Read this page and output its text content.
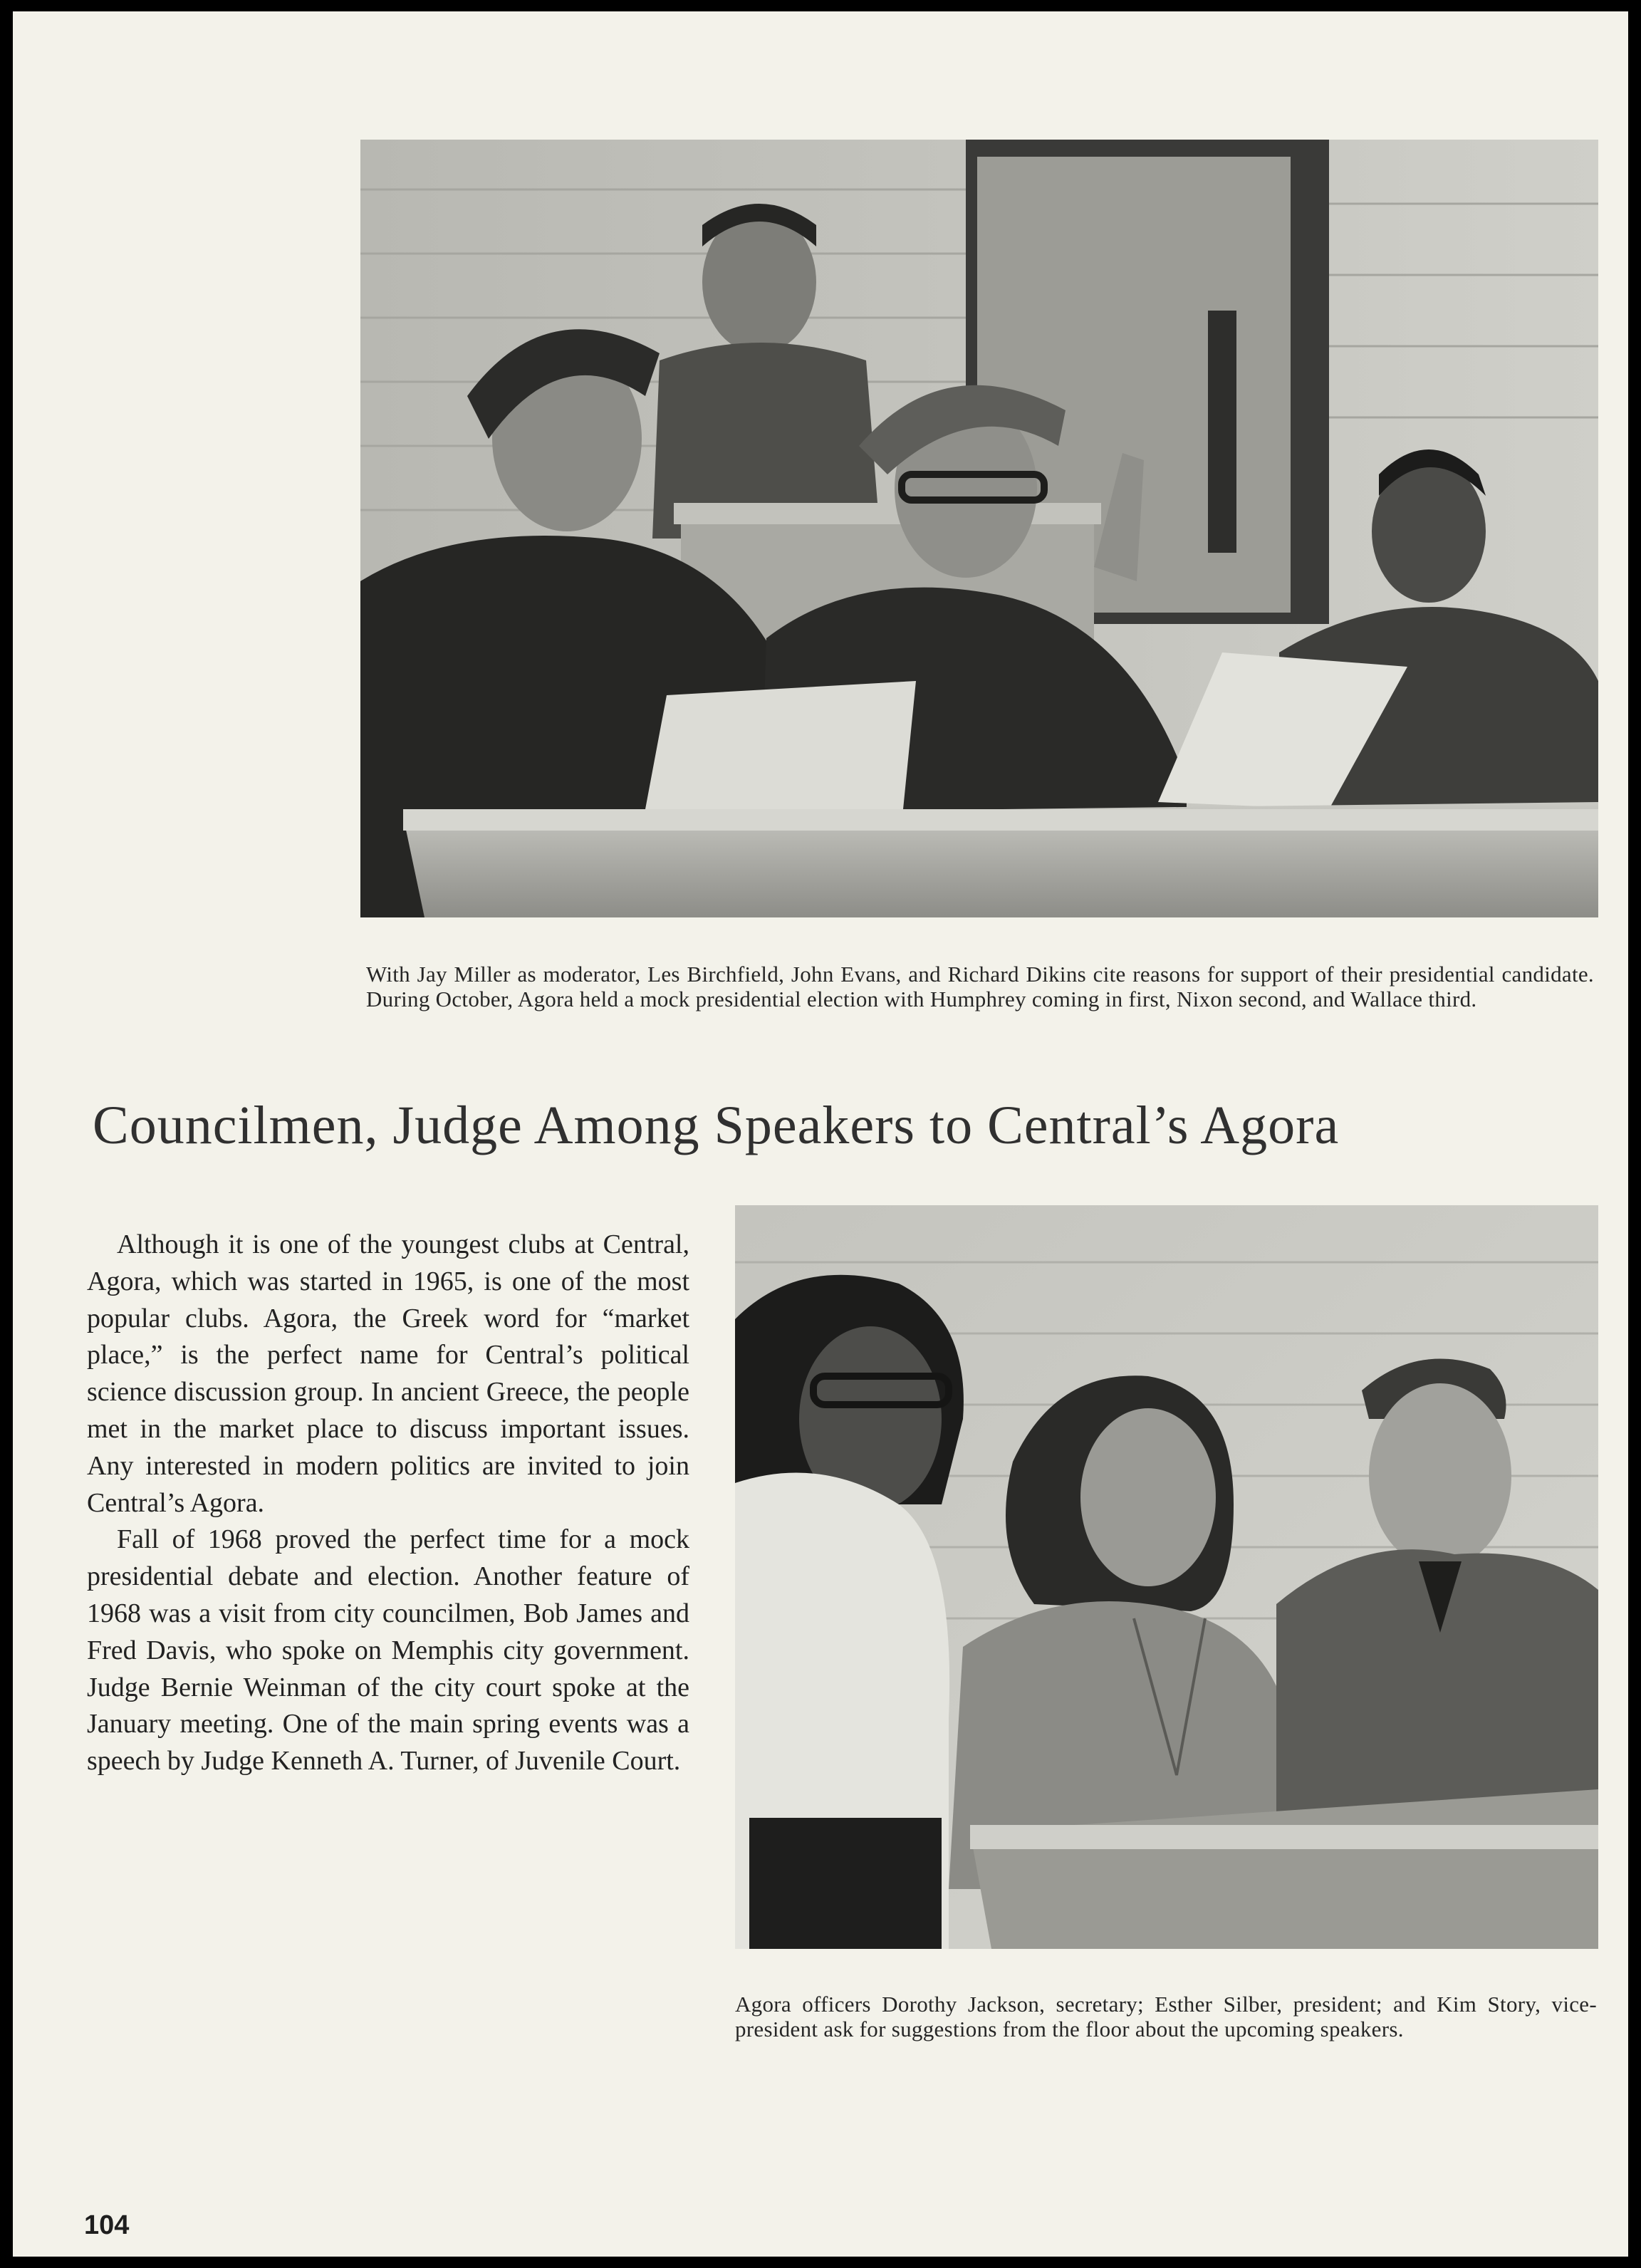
With Jay Miller as moderator, Les Birchfield, John Evans, and Richard Dikins cite reasons for support of their presidential candidate. During October, Agora held a mock presidential election with Humphrey coming in first, Nixon second, and Wallace third.

Councilmen, Judge Among Speakers to Central’s Agora

Although it is one of the youngest clubs at Central, Agora, which was started in 1965, is one of the most popular clubs. Agora, the Greek word for “market place,” is the perfect name for Central’s political science discussion group. In ancient Greece, the people met in the market place to discuss important issues. Any interested in modern politics are invited to join Central’s Agora.

Fall of 1968 proved the perfect time for a mock presidential debate and election. Another feature of 1968 was a visit from city councilmen, Bob James and Fred Davis, who spoke on Memphis city government. Judge Bernie Weinman of the city court spoke at the January meeting. One of the main spring events was a speech by Judge Kenneth A. Turner, of Juvenile Court.

Agora officers Dorothy Jackson, secretary; Esther Silber, president; and Kim Story, vice-president ask for suggestions from the floor about the upcoming speakers.

104
